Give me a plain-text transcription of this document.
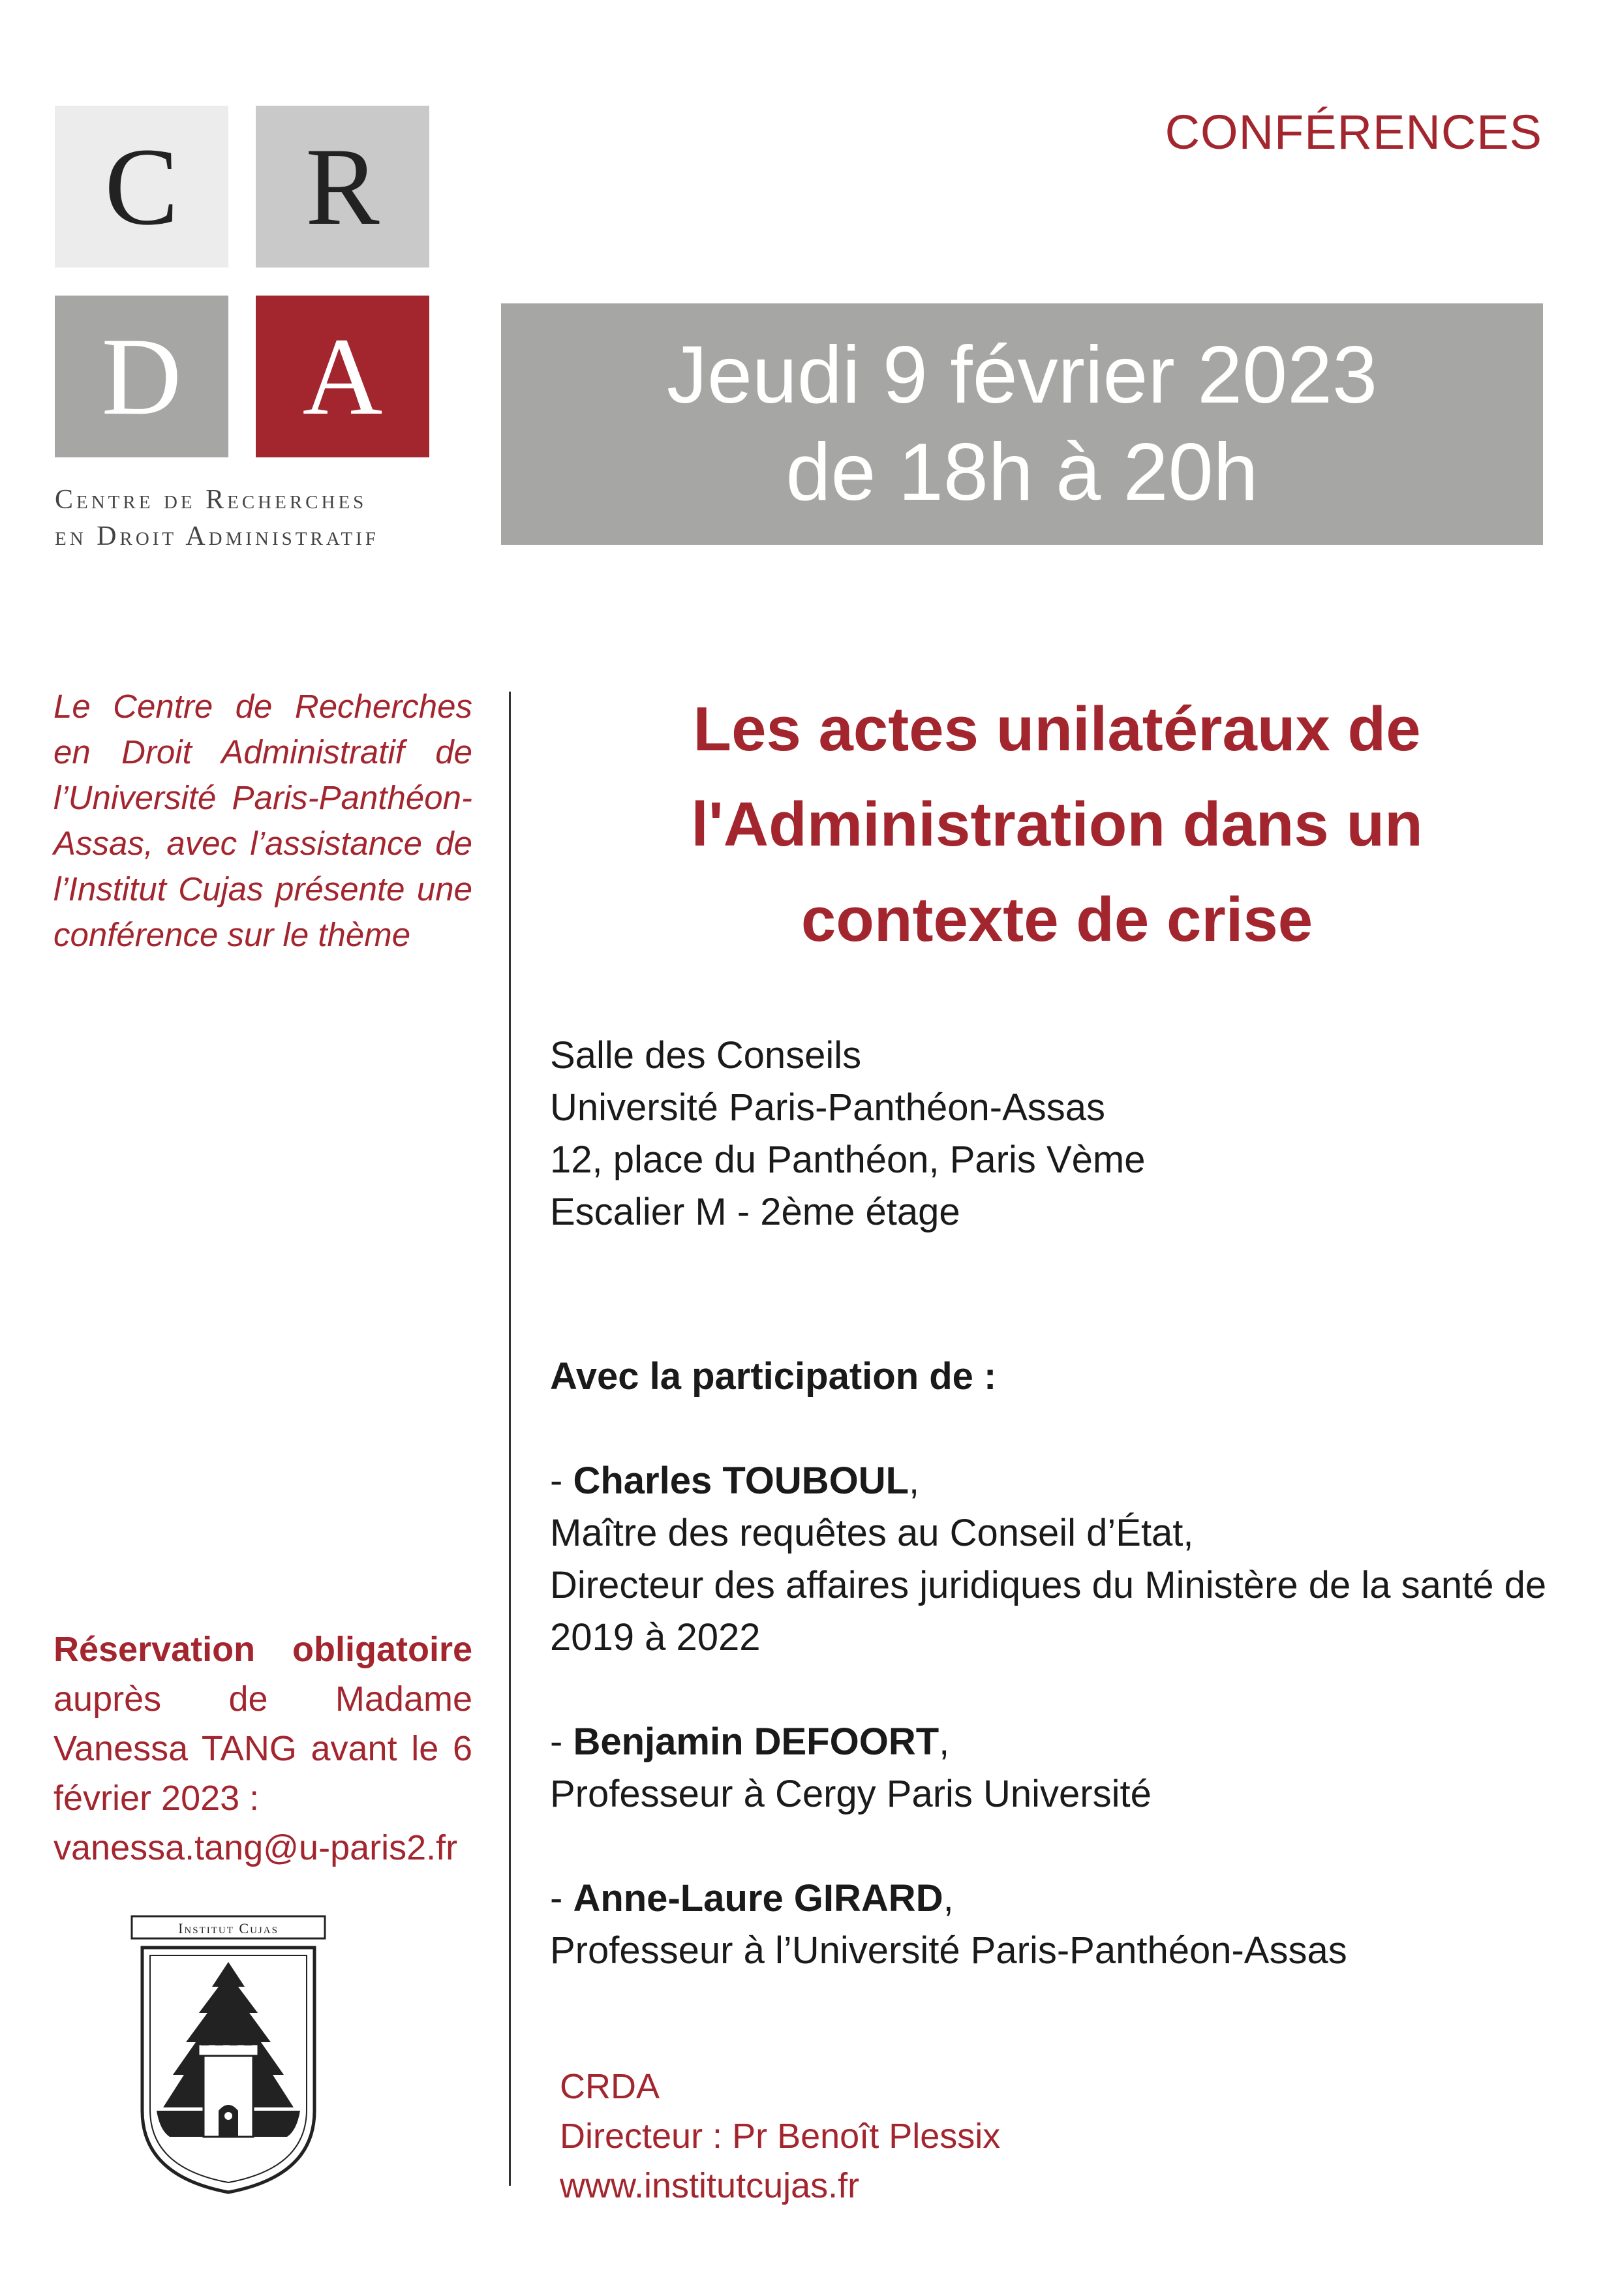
C	R
D	A
Centre de Recherches
en Droit Administratif
CONFÉRENCES
Jeudi 9 février 2023
de 18h à 20h
Le Centre de Recherches en Droit Administratif de l’Université Paris-Panthéon-Assas, avec l’assistance de l’Institut Cujas présente une conférence sur le thème
Les actes unilatéraux de
l'Administration dans un
contexte de crise
Salle des Conseils
Université Paris-Panthéon-Assas
12, place du Panthéon, Paris Vème
Escalier M - 2ème étage
Avec la participation de :
- Charles TOUBOUL,
Maître des requêtes au Conseil d’État,
Directeur des affaires juridiques du Ministère de la santé de 2019 à 2022
- Benjamin DEFOORT,
Professeur à Cergy Paris Université
- Anne-Laure GIRARD,
Professeur à l’Université Paris-Panthéon-Assas
Réservation obligatoire
auprès de Madame Vanessa TANG avant le 6 février 2023 :
vanessa.tang@u-paris2.fr
Institut Cujas
CRDA
Directeur : Pr Benoît Plessix
www.institutcujas.fr
